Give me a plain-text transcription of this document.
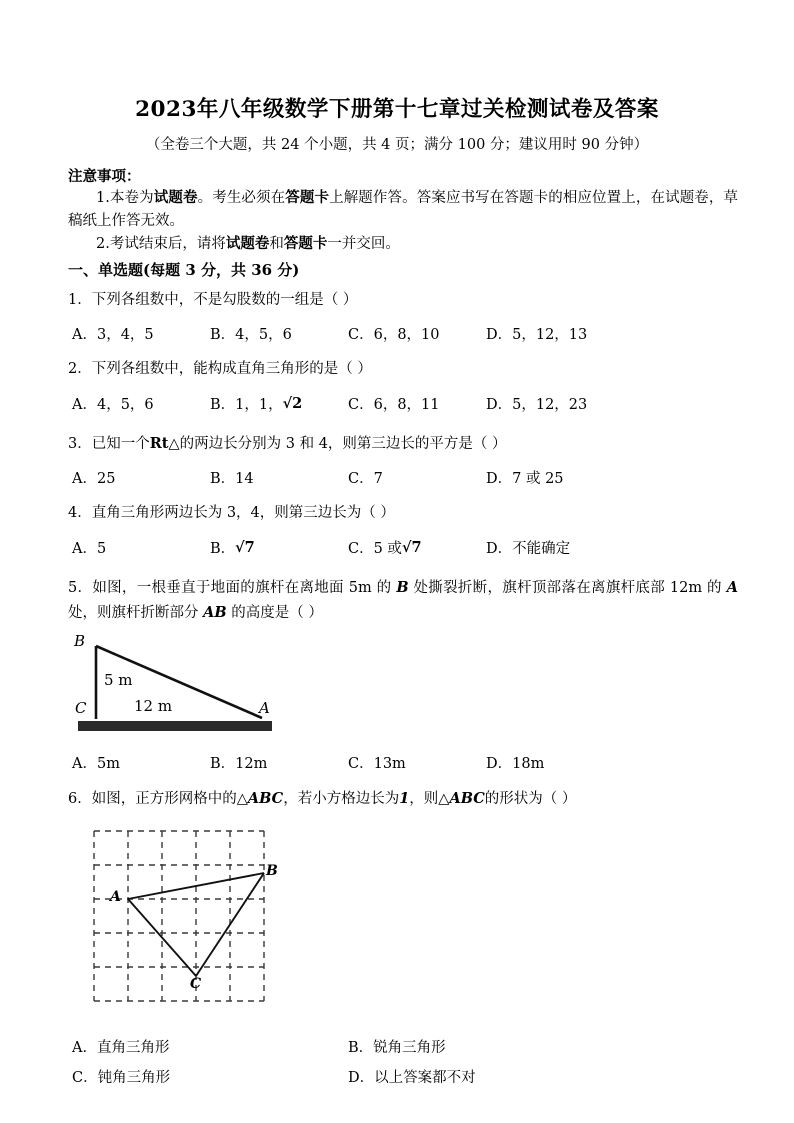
2023年八年级数学下册第十七章过关检测试卷及答案
（全卷三个大题，共 24 个小题，共 4 页；满分 100 分；建议用时 90 分钟）
注意事项：

1.本卷为试题卷。考生必须在答题卡上解题作答。答案应书写在答题卡的相应位置上，在试题卷，草稿纸上作答无效。

2.考试结束后，请将试题卷和答题卡一并交回。

一、单选题(每题 3 分，共 36 分)

1．下列各组数中，不是勾股数的一组是（ ）

A．3，4，5	B．4，5，6	C．6，8，10	D．5，12，13

2．下列各组数中，能构成直角三角形的是（ ）

A．4，5，6	B．1，1，√2	C．6，8，11	D．5，12，23

3．已知一个Rt△的两边长分别为 3 和 4，则第三边长的平方是（ ）

A．25	B．14	C．7	D．7 或 25

4．直角三角形两边长为 3，4，则第三边长为（ ）

A．5	B．√7	C．5 或√7	D．不能确定

5．如图，一根垂直于地面的旗杆在离地面 5m 的 B 处撕裂折断，旗杆顶部落在离旗杆底部 12m 的 A 处，则旗杆折断部分 AB 的高度是（ ）

B
C	A
5 m
12 m
A．5m	B．12m	C．13m	D．18m

6．如图，正方形网格中的△ABC，若小方格边长为1，则△ABC的形状为（ ）

A
B
C
A．直角三角形	B．锐角三角形
C．钝角三角形	D．以上答案都不对
